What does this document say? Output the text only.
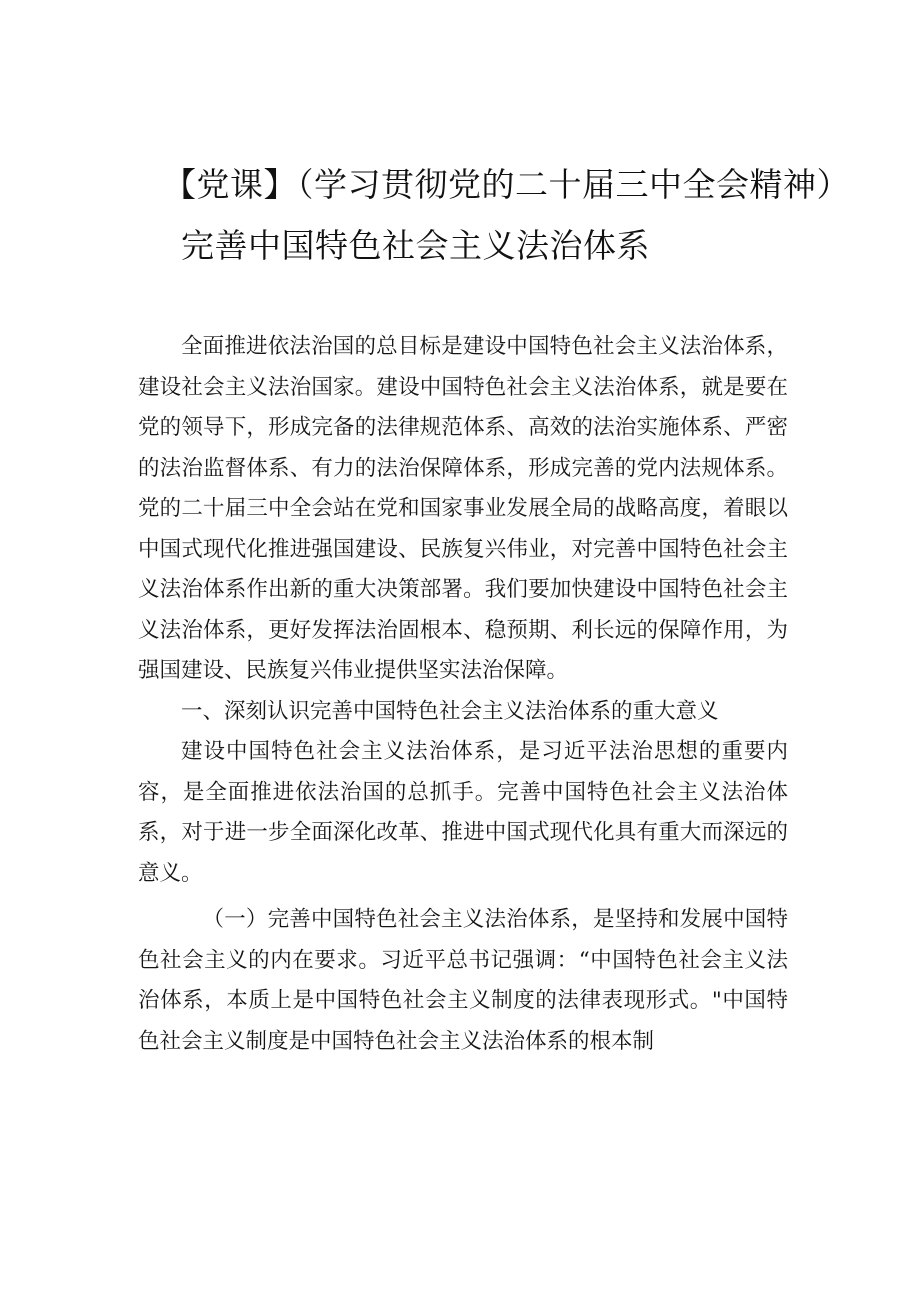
【党课】（学习贯彻党的二十届三中全会精神）
完善中国特色社会主义法治体系

全面推进依法治国的总目标是建设中国特色社会主义法治体系，建设社会主义法治国家。建设中国特色社会主义法治体系，就是要在党的领导下，形成完备的法律规范体系、高效的法治实施体系、严密的法治监督体系、有力的法治保障体系，形成完善的党内法规体系。党的二十届三中全会站在党和国家事业发展全局的战略高度，着眼以中国式现代化推进强国建设、民族复兴伟业，对完善中国特色社会主义法治体系作出新的重大决策部署。我们要加快建设中国特色社会主义法治体系，更好发挥法治固根本、稳预期、利长远的保障作用，为强国建设、民族复兴伟业提供坚实法治保障。

一、深刻认识完善中国特色社会主义法治体系的重大意义

建设中国特色社会主义法治体系，是习近平法治思想的重要内容，是全面推进依法治国的总抓手。完善中国特色社会主义法治体系，对于进一步全面深化改革、推进中国式现代化具有重大而深远的意义。

（一）完善中国特色社会主义法治体系，是坚持和发展中国特色社会主义的内在要求。习近平总书记强调：“中国特色社会主义法治体系，本质上是中国特色社会主义制度的法律表现形式。"中国特色社会主义制度是中国特色社会主义法治体系的根本制
